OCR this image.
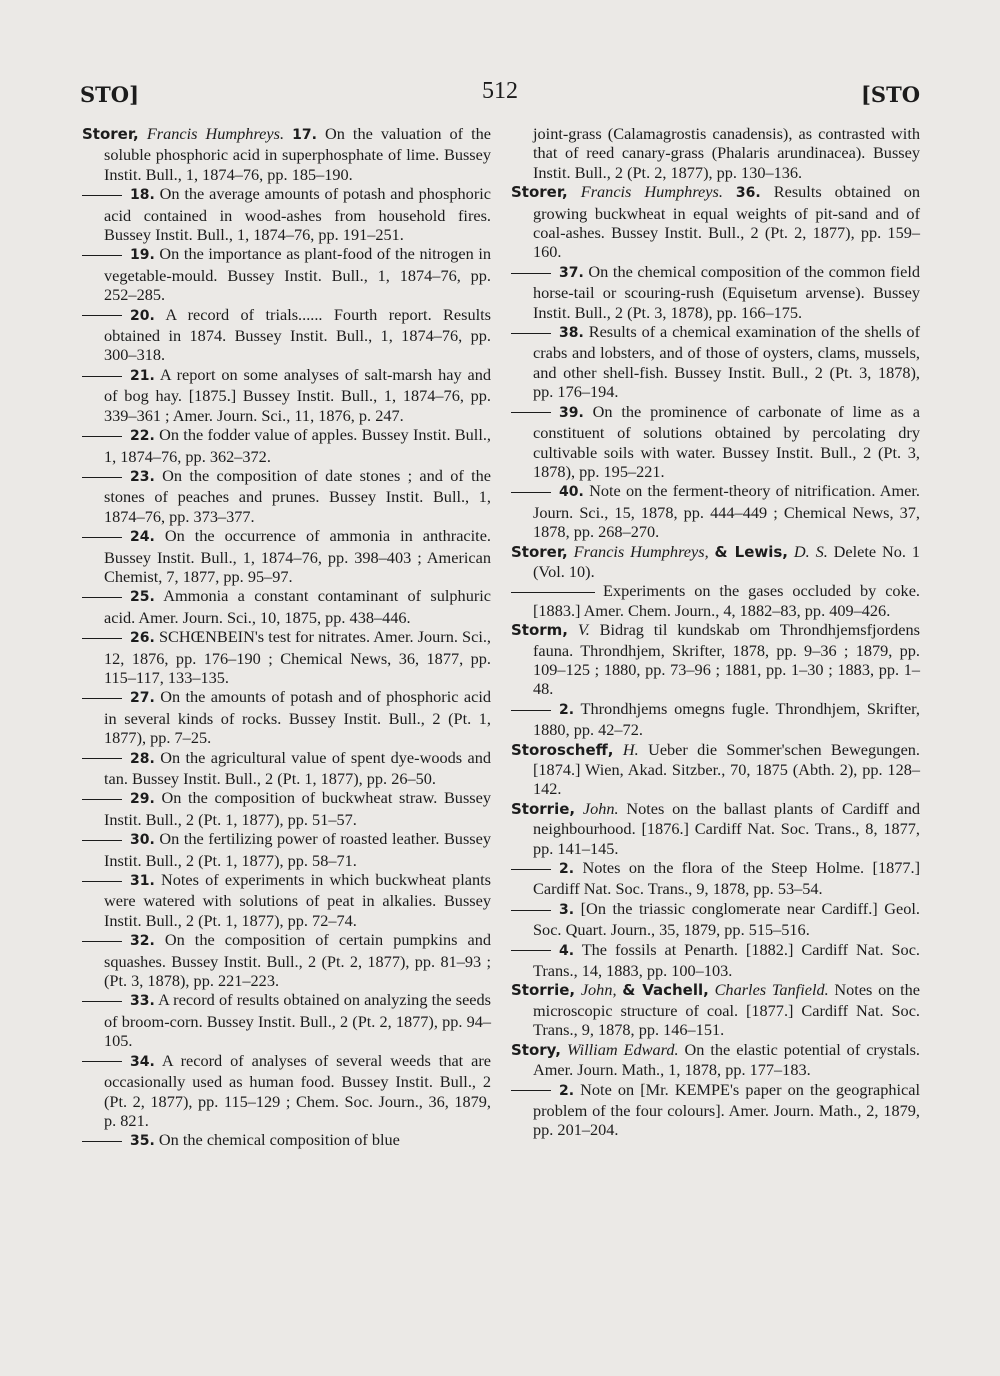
STO]	512	[STO
Storer, Francis Humphreys. 17. On the valuation of the soluble phosphoric acid in superphosphate of lime. Bussey Instit. Bull., 1, 1874–76, pp. 185–190.
18. On the average amounts of potash and phosphoric acid contained in wood-ashes from household fires. Bussey Instit. Bull., 1, 1874–76, pp. 191–251.
19. On the importance as plant-food of the nitrogen in vegetable-mould. Bussey Instit. Bull., 1, 1874–76, pp. 252–285.
20. A record of trials...... Fourth report. Results obtained in 1874. Bussey Instit. Bull., 1, 1874–76, pp. 300–318.
21. A report on some analyses of salt-marsh hay and of bog hay. [1875.] Bussey Instit. Bull., 1, 1874–76, pp. 339–361 ; Amer. Journ. Sci., 11, 1876, p. 247.
22. On the fodder value of apples. Bussey Instit. Bull., 1, 1874–76, pp. 362–372.
23. On the composition of date stones ; and of the stones of peaches and prunes. Bussey Instit. Bull., 1, 1874–76, pp. 373–377.
24. On the occurrence of ammonia in anthracite. Bussey Instit. Bull., 1, 1874–76, pp. 398–403 ; American Chemist, 7, 1877, pp. 95–97.
25. Ammonia a constant contaminant of sulphuric acid. Amer. Journ. Sci., 10, 1875, pp. 438–446.
26. SCHŒNBEIN's test for nitrates. Amer. Journ. Sci., 12, 1876, pp. 176–190 ; Chemical News, 36, 1877, pp. 115–117, 133–135.
27. On the amounts of potash and of phosphoric acid in several kinds of rocks. Bussey Instit. Bull., 2 (Pt. 1, 1877), pp. 7–25.
28. On the agricultural value of spent dye-woods and tan. Bussey Instit. Bull., 2 (Pt. 1, 1877), pp. 26–50.
29. On the composition of buckwheat straw. Bussey Instit. Bull., 2 (Pt. 1, 1877), pp. 51–57.
30. On the fertilizing power of roasted leather. Bussey Instit. Bull., 2 (Pt. 1, 1877), pp. 58–71.
31. Notes of experiments in which buckwheat plants were watered with solutions of peat in alkalies. Bussey Instit. Bull., 2 (Pt. 1, 1877), pp. 72–74.
32. On the composition of certain pumpkins and squashes. Bussey Instit. Bull., 2 (Pt. 2, 1877), pp. 81–93 ; (Pt. 3, 1878), pp. 221–223.
33. A record of results obtained on analyzing the seeds of broom-corn. Bussey Instit. Bull., 2 (Pt. 2, 1877), pp. 94–105.
34. A record of analyses of several weeds that are occasionally used as human food. Bussey Instit. Bull., 2 (Pt. 2, 1877), pp. 115–129 ; Chem. Soc. Journ., 36, 1879, p. 821.
35. On the chemical composition of blue
joint-grass (Calamagrostis canadensis), as contrasted with that of reed canary-grass (Phalaris arundinacea). Bussey Instit. Bull., 2 (Pt. 2, 1877), pp. 130–136.
Storer, Francis Humphreys. 36. Results obtained on growing buckwheat in equal weights of pit-sand and of coal-ashes. Bussey Instit. Bull., 2 (Pt. 2, 1877), pp. 159–160.
37. On the chemical composition of the common field horse-tail or scouring-rush (Equisetum arvense). Bussey Instit. Bull., 2 (Pt. 3, 1878), pp. 166–175.
38. Results of a chemical examination of the shells of crabs and lobsters, and of those of oysters, clams, mussels, and other shell-fish. Bussey Instit. Bull., 2 (Pt. 3, 1878), pp. 176–194.
39. On the prominence of carbonate of lime as a constituent of solutions obtained by percolating dry cultivable soils with water. Bussey Instit. Bull., 2 (Pt. 3, 1878), pp. 195–221.
40. Note on the ferment-theory of nitrification. Amer. Journ. Sci., 15, 1878, pp. 444–449 ; Chemical News, 37, 1878, pp. 268–270.
Storer, Francis Humphreys, & Lewis, D. S. Delete No. 1 (Vol. 10).
Experiments on the gases occluded by coke. [1883.] Amer. Chem. Journ., 4, 1882–83, pp. 409–426.
Storm, V. Bidrag til kundskab om Throndhjemsfjordens fauna. Throndhjem, Skrifter, 1878, pp. 9–36 ; 1879, pp. 109–125 ; 1880, pp. 73–96 ; 1881, pp. 1–30 ; 1883, pp. 1–48.
2. Throndhjems omegns fugle. Throndhjem, Skrifter, 1880, pp. 42–72.
Storoscheff, H. Ueber die Sommer'schen Bewegungen. [1874.] Wien, Akad. Sitzber., 70, 1875 (Abth. 2), pp. 128–142.
Storrie, John. Notes on the ballast plants of Cardiff and neighbourhood. [1876.] Cardiff Nat. Soc. Trans., 8, 1877, pp. 141–145.
2. Notes on the flora of the Steep Holme. [1877.] Cardiff Nat. Soc. Trans., 9, 1878, pp. 53–54.
3. [On the triassic conglomerate near Cardiff.] Geol. Soc. Quart. Journ., 35, 1879, pp. 515–516.
4. The fossils at Penarth. [1882.] Cardiff Nat. Soc. Trans., 14, 1883, pp. 100–103.
Storrie, John, & Vachell, Charles Tanfield. Notes on the microscopic structure of coal. [1877.] Cardiff Nat. Soc. Trans., 9, 1878, pp. 146–151.
Story, William Edward. On the elastic potential of crystals. Amer. Journ. Math., 1, 1878, pp. 177–183.
2. Note on [Mr. KEMPE's paper on the geographical problem of the four colours]. Amer. Journ. Math., 2, 1879, pp. 201–204.
